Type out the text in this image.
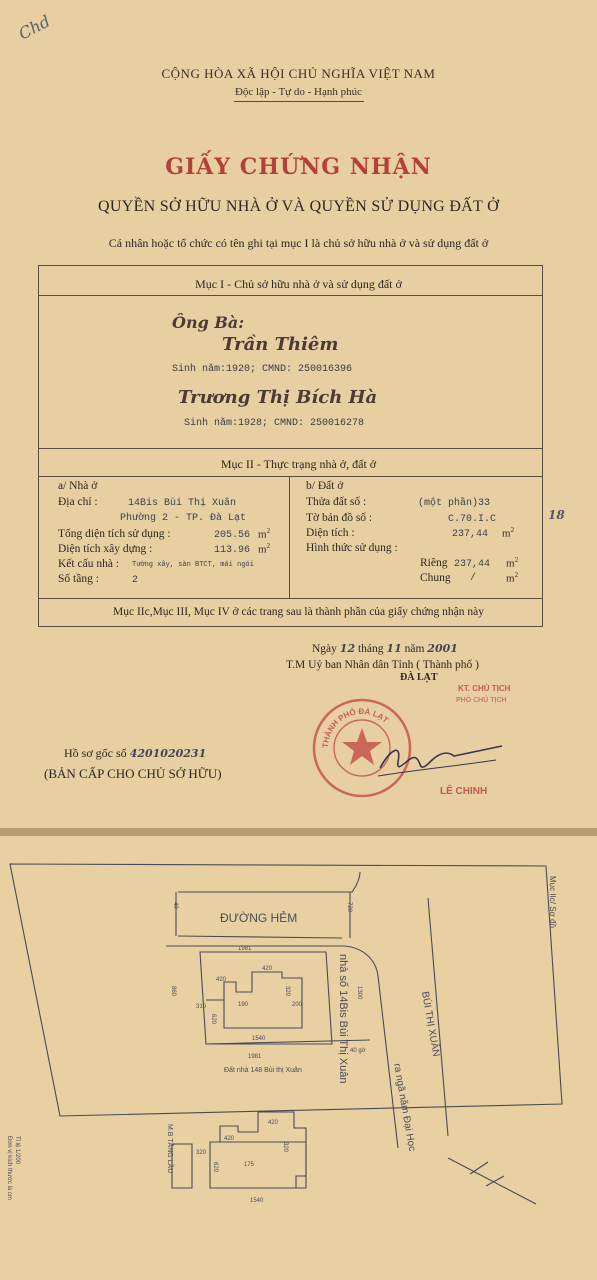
Chd
CỘNG HÒA XÃ HỘI CHỦ NGHĨA VIỆT NAM
Độc lập - Tự do - Hạnh phúc
GIẤY CHỨNG NHẬN
QUYỀN SỞ HỮU NHÀ Ở VÀ QUYỀN SỬ DỤNG ĐẤT Ở
Cá nhân hoặc tổ chức có tên ghi tại mục I là chủ sở hữu nhà ở và sử dụng đất ở
Mục I - Chủ sở hữu nhà ở và sử dụng đất ở
Ông Bà:
Trần Thiêm
Sinh năm:1920; CMND: 250016396
Trương Thị Bích Hà
Sinh năm:1928; CMND: 250016278
Mục II - Thực trạng nhà ở, đất ở
a/ Nhà ở
Địa chỉ :	14Bis Bùi Thị Xuân
Phường 2 - TP. Đà Lạt
Tổng diện tích sử dụng :	205.56 $m^2$
Diện tích xây dựng :	113.96 $m^2$
Kết cấu nhà : Tường xây, sàn BTCT, mái ngói
Số tầng :	2
b/ Đất ở
Thửa đất số :	(một phần)33
Tờ bản đồ số :	C.70.I.C
Diện tích :	237,44 $m^2$
Hình thức sử dụng :
Riêng 237,44 $m^2$
Chung /	$m^2$
18
Mục IIc,Mục III, Mục IV ở các trang sau là thành phần của giấy chứng nhận này
Ngày 12 tháng 11 năm 2001
T.M Uỷ ban Nhân dân Tỉnh ( Thành phố )
ĐÀ LẠT
KT. CHỦ TỊCH
PHÓ CHỦ TỊCH
LÊ CHINH
THÀNH PHỐ ĐÀ LẠT
Hồ sơ gốc số 4201020231
(BẢN CẤP CHO CHỦ SỞ HỮU)
ĐƯỜNG HẺM	Mục IIc/ Sơ đồ
nhà số 14Bis Bùi Thị Xuân	BÙI THỊ XUÂN
ra ngã năm Đại Học
Đất nhà 148 Bùi thị Xuân
M.B TẦNG LẦU
Đơn vị kích thước là cm Tỉ lệ 1/200
1981
1981
1300
1540
420
420
310	190	200
320
620
860
720
40
40 gờ
420
420
320
320
175
620
1540
